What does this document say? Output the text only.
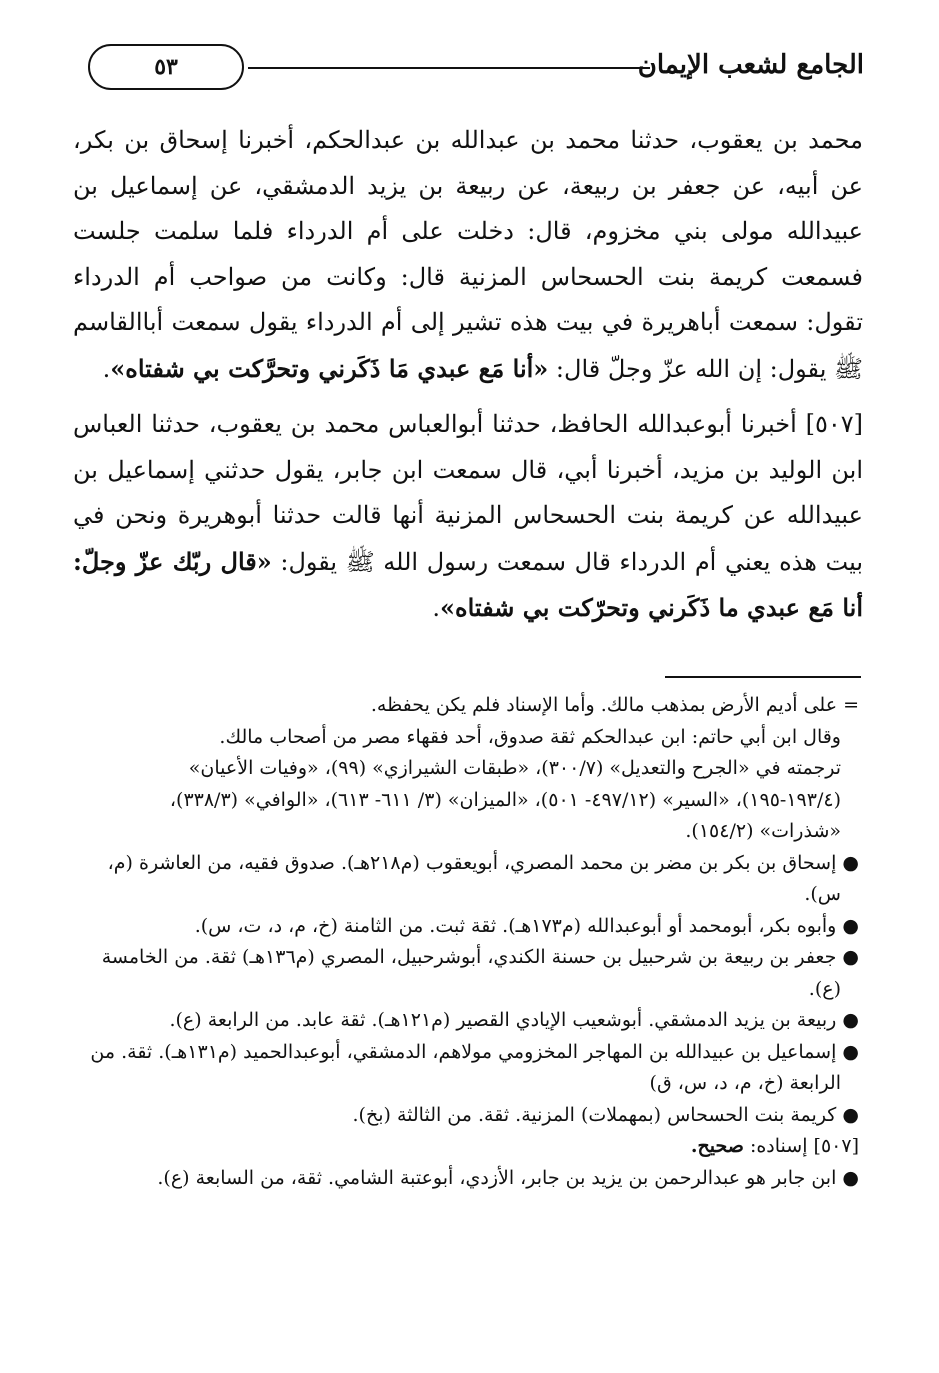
الجامع لشعب الإيمان
٥٣

محمد بن يعقوب، حدثنا محمد بن عبدالله بن عبدالحكم، أخبرنا إسحاق بن بكر، عن أبيه، عن جعفر بن ربيعة، عن ربيعة بن يزيد الدمشقي، عن إسماعيل بن عبيدالله مولى بني مخزوم، قال: دخلت على أم الدرداء فلما سلمت جلست فسمعت كريمة بنت الحسحاس المزنية قال: وكانت من صواحب أم الدرداء تقول: سمعت أباهريرة في بيت هذه تشير إلى أم الدرداء يقول سمعت أباالقاسم ﷺ يقول: إن الله عزّ وجلّ قال: «أنا مَع عبدي مَا ذَكَرني وتحرَّكت بي شفتاه».

[٥٠٧] أخبرنا أبوعبدالله الحافظ، حدثنا أبوالعباس محمد بن يعقوب، حدثنا العباس ابن الوليد بن مزيد، أخبرنا أبي، قال سمعت ابن جابر، يقول حدثني إسماعيل بن عبيدالله عن كريمة بنت الحسحاس المزنية أنها قالت حدثنا أبوهريرة ونحن في بيت هذه يعني أم الدرداء قال سمعت رسول الله ﷺ يقول: «قال ربّك عزّ وجلّ: أنا مَع عبدي ما ذَكَرني وتحرّكت بي شفتاه».

= على أديم الأرض بمذهب مالك. وأما الإسناد فلم يكن يحفظه.

وقال ابن أبي حاتم: ابن عبدالحكم ثقة صدوق، أحد فقهاء مصر من أصحاب مالك.

ترجمته في «الجرح والتعديل» (٣٠٠/٧)، «طبقات الشيرازي» (٩٩)، «وفيات الأعيان» (١٩٣/٤-١٩٥)، «السير» (٤٩٧/١٢- ٥٠١)، «الميزان» (٣/ ٦١١- ٦١٣)، «الوافي» (٣٣٨/٣)، «شذرات» (١٥٤/٢).

● إسحاق بن بكر بن مضر بن محمد المصري، أبويعقوب (م٢١٨هـ). صدوق فقيه، من العاشرة (م، س).

● وأبوه بكر، أبومحمد أو أبوعبدالله (م١٧٣هـ). ثقة ثبت. من الثامنة (خ، م، د، ت، س).

● جعفر بن ربيعة بن شرحبيل بن حسنة الكندي، أبوشرحبيل، المصري (م١٣٦هـ) ثقة. من الخامسة (ع).

● ربيعة بن يزيد الدمشقي. أبوشعيب الإيادي القصير (م١٢١هـ). ثقة عابد. من الرابعة (ع).

● إسماعيل بن عبيدالله بن المهاجر المخزومي مولاهم، الدمشقي، أبوعبدالحميد (م١٣١هـ). ثقة. من الرابعة (خ، م، د، س، ق)

● كريمة بنت الحسحاس (بمهملات) المزنية. ثقة. من الثالثة (بخ).

[٥٠٧] إسناده: صحيح.

● ابن جابر هو عبدالرحمن بن يزيد بن جابر، الأزدي، أبوعتبة الشامي. ثقة، من السابعة (ع).
